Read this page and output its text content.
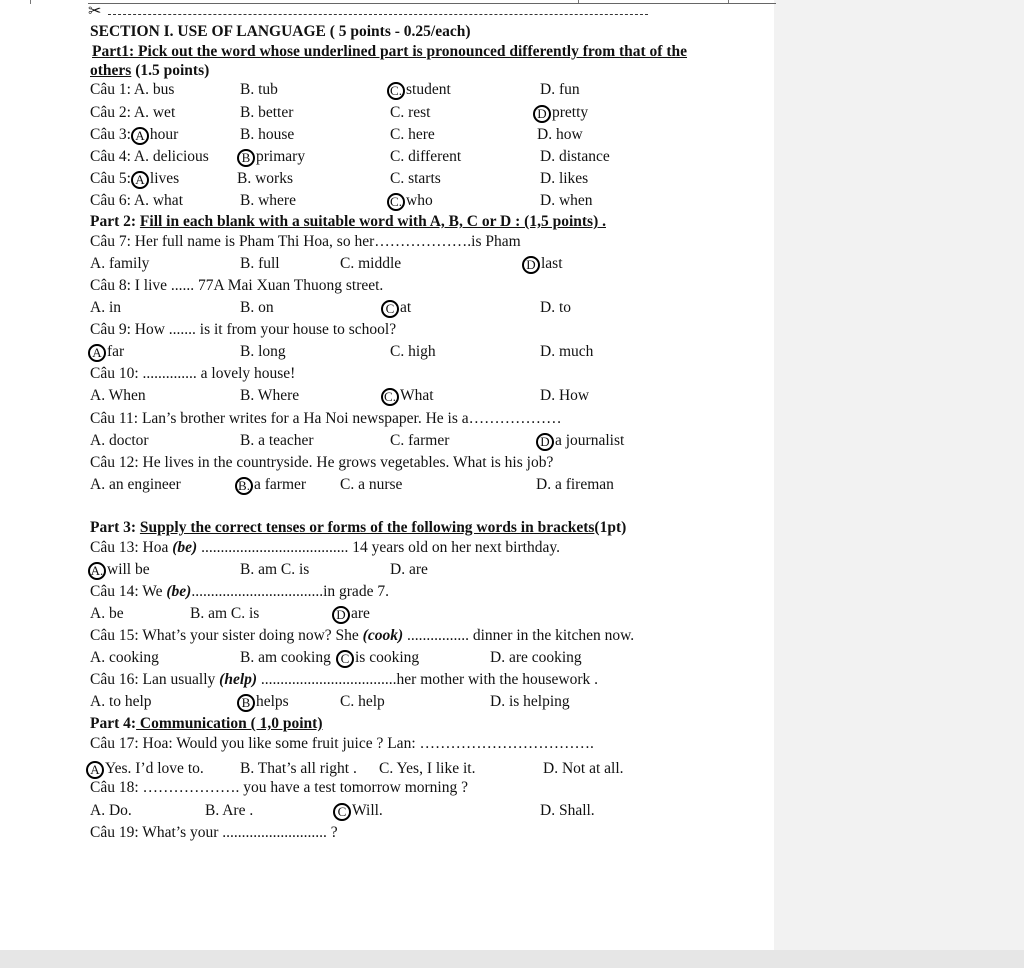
✂
SECTION I. USE OF LANGUAGE ( 5 points - 0.25/each)
Part1: Pick out the word whose underlined part is pronounced differently from that of the
others (1.5 points)
Câu 1: A. bus	B. tub	C. student	D. fun
Câu 2: A. wet	B. better	C. rest	D pretty
Câu 3: A hour	B. house	C. here	D. how
Câu 4: A. delicious	B primary	C. different	D. distance
Câu 5: A lives	B. works	C. starts	D. likes
Câu 6: A. what	B. where	C. who	D. when
Part 2: Fill in each blank with a suitable word with A, B, C or D : (1,5 points) .
Câu 7: Her full name is Pham Thi Hoa, so her……………….is Pham
A. family	B. full	C. middle	D last
Câu 8: I live ...... 77A Mai Xuan Thuong street.
A. in	B. on	C at	D. to
Câu 9: How ....... is it from your house to school?
A far	B. long	C. high	D. much
Câu 10: .............. a lovely house!
A. When	B. Where	C. What	D. How
Câu 11: Lan’s brother writes for a Ha Noi newspaper. He is a………………
A. doctor	B. a teacher	C. farmer	D a journalist
Câu 12: He lives in the countryside. He grows vegetables. What is his job?
A. an engineer	B. a farmer C. a nurse	D. a fireman
Part 3: Supply the correct tenses or forms of the following words in brackets(1pt)
Câu 13: Hoa (be) ...................................... 14 years old on her next birthday.
A. will be	B. am C. is	D. are
Câu 14: We (be)..................................in grade 7.
A. be	B. am C. is	D are
Câu 15: What’s your sister doing now? She (cook) ................ dinner in the kitchen now.
A. cooking	B. am cooking C is cooking	D. are cooking
Câu 16: Lan usually (help) ...................................her mother with the housework .
A. to help	B helps	C. help	D. is helping
Part 4: Communication ( 1,0 point)
Câu 17: Hoa: Would you like some fruit juice ? Lan: …………………………….
A Yes. I’d love to. B. That’s all right . C. Yes, I like it.	D. Not at all.
Câu 18: ………………. you have a test tomorrow morning ?
A. Do.	B. Are .	C Will.	D. Shall.
Câu 19: What’s your ........................... ?
